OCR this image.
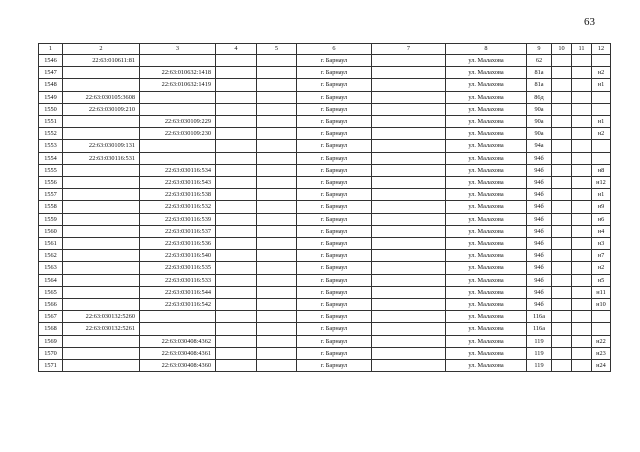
63
1	2	3	4	5	6	7	8	9	10	11	12
1546	22:63:010611:81				г. Барнаул		ул. Малахова	62			
1547		22:63:010632:1418			г. Барнаул		ул. Малахова	81а			н2
1548		22:63:010632:1419			г. Барнаул		ул. Малахова	81а			н1
1549	22:63:030105:3608				г. Барнаул		ул. Малахова	86д			
1550	22:63:030109:210				г. Барнаул		ул. Малахова	90а			
1551		22:63:030109:229			г. Барнаул		ул. Малахова	90а			н1
1552		22:63:030109:230			г. Барнаул		ул. Малахова	90а			н2
1553	22:63:030109:131				г. Барнаул		ул. Малахова	94а			
1554	22:63:030116:531				г. Барнаул		ул. Малахова	94б			
1555		22:63:030116:534			г. Барнаул		ул. Малахова	94б			н8
1556		22:63:030116:543			г. Барнаул		ул. Малахова	94б			н12
1557		22:63:030116:538			г. Барнаул		ул. Малахова	94б			н1
1558		22:63:030116:532			г. Барнаул		ул. Малахова	94б			н9
1559		22:63:030116:539			г. Барнаул		ул. Малахова	94б			н6
1560		22:63:030116:537			г. Барнаул		ул. Малахова	94б			н4
1561		22:63:030116:536			г. Барнаул		ул. Малахова	94б			н3
1562		22:63:030116:540			г. Барнаул		ул. Малахова	94б			н7
1563		22:63:030116:535			г. Барнаул		ул. Малахова	94б			н2
1564		22:63:030116:533			г. Барнаул		ул. Малахова	94б			н5
1565		22:63:030116:544			г. Барнаул		ул. Малахова	94б			н11
1566		22:63:030116:542			г. Барнаул		ул. Малахова	94б			н10
1567	22:63:030132:5260				г. Барнаул		ул. Малахова	116а			
1568	22:63:030132:5261				г. Барнаул		ул. Малахова	116а			
1569		22:63:030408:4362			г. Барнаул		ул. Малахова	119			н22
1570		22:63:030408:4361			г. Барнаул		ул. Малахова	119			н23
1571		22:63:030408:4360			г. Барнаул		ул. Малахова	119			н24
